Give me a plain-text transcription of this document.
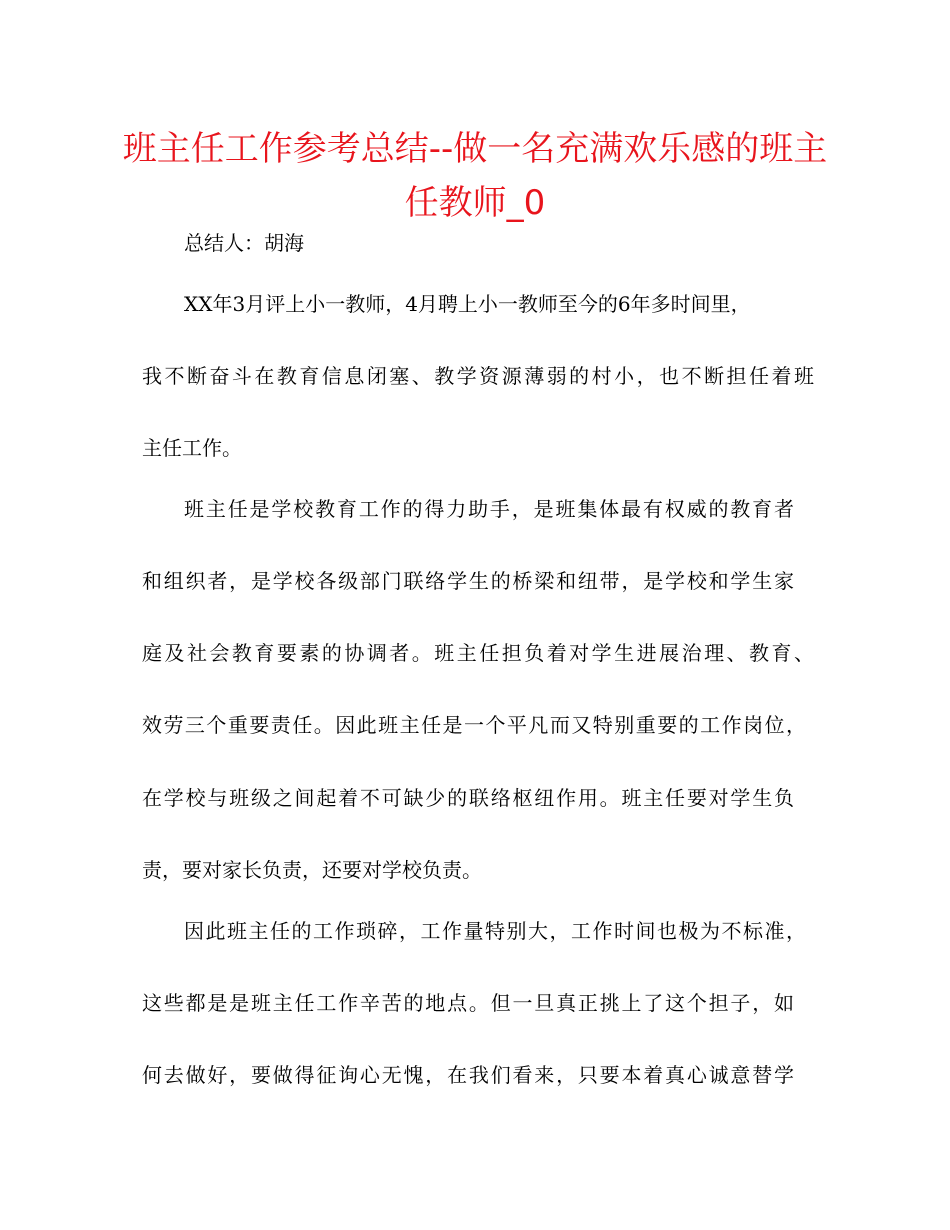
班主任工作参考总结--做一名充满欢乐感的班主
任教师_0
总结人：胡海
XX年3月评上小一教师，4月聘上小一教师至今的6年多时间里，
我不断奋斗在教育信息闭塞、教学资源薄弱的村小，也不断担任着班
主任工作。
班主任是学校教育工作的得力助手，是班集体最有权威的教育者
和组织者，是学校各级部门联络学生的桥梁和纽带，是学校和学生家
庭及社会教育要素的协调者。班主任担负着对学生进展治理、教育、
效劳三个重要责任。因此班主任是一个平凡而又特别重要的工作岗位，
在学校与班级之间起着不可缺少的联络枢纽作用。班主任要对学生负
责，要对家长负责，还要对学校负责。
因此班主任的工作琐碎，工作量特别大，工作时间也极为不标准，
这些都是是班主任工作辛苦的地点。但一旦真正挑上了这个担子，如
何去做好，要做得征询心无愧，在我们看来，只要本着真心诚意替学
